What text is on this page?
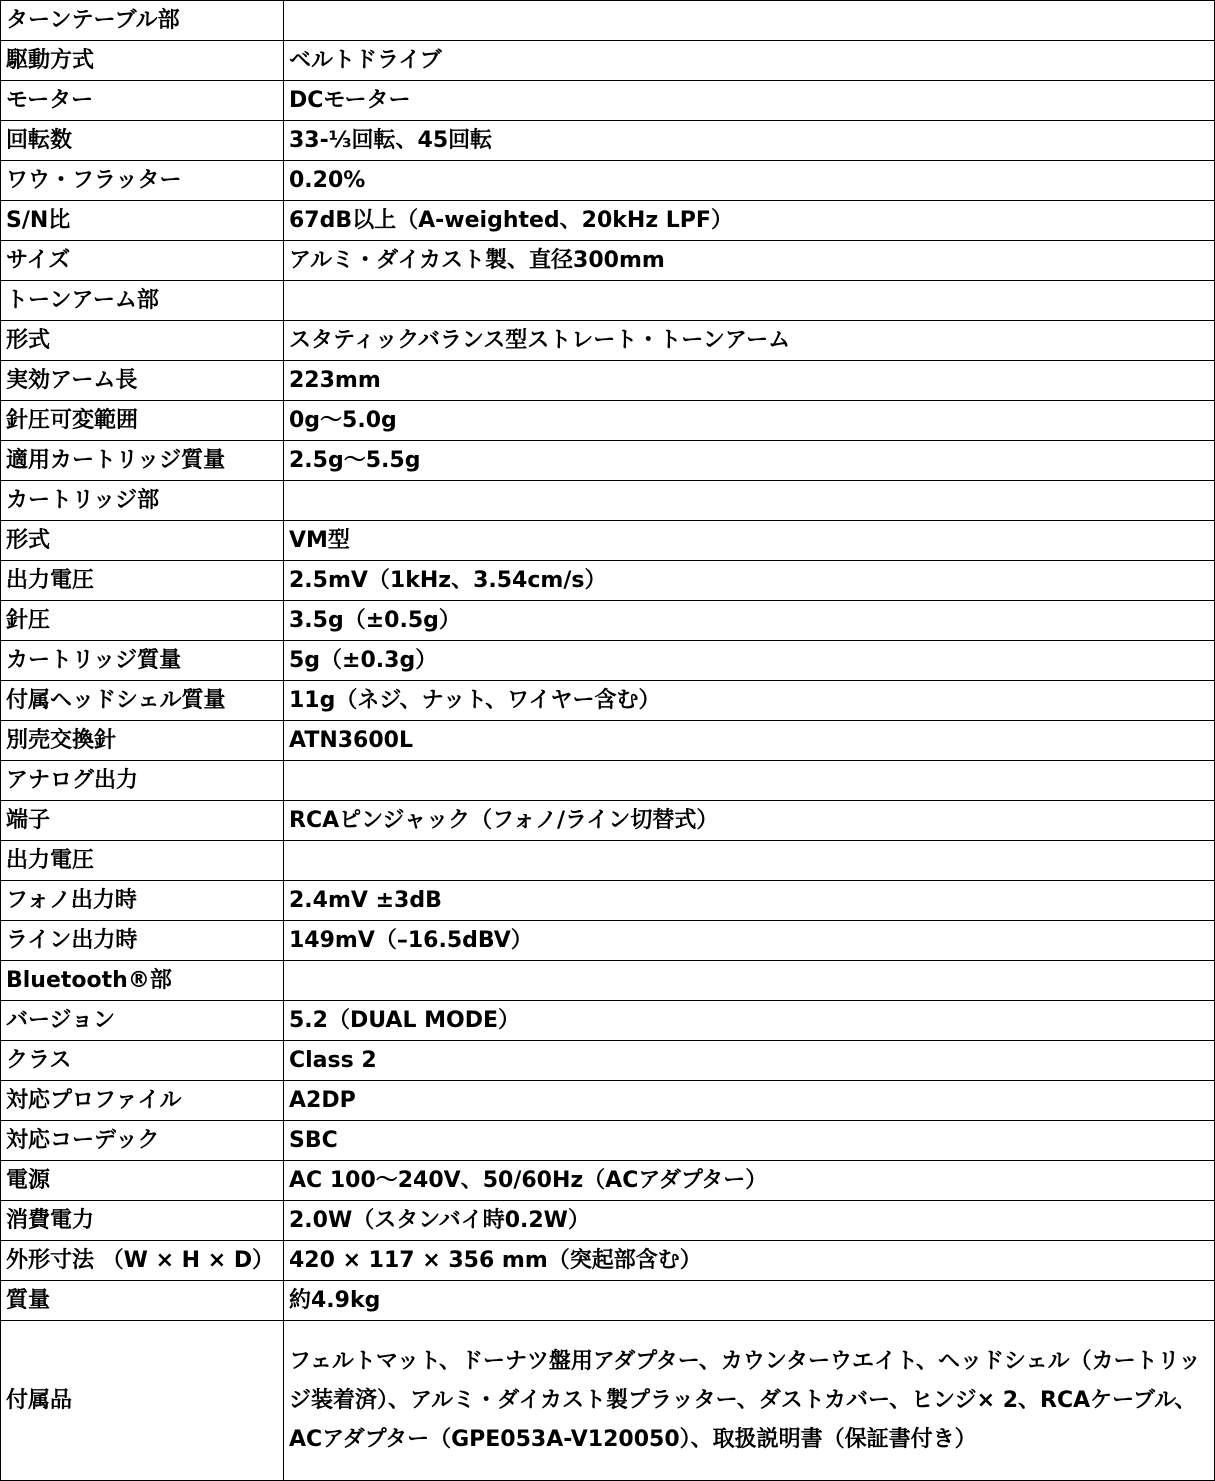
ターンテーブル部	
駆動方式	ベルトドライブ
モーター	DCモーター
回転数	33-⅓回転、45回転
ワウ・フラッター	0.20%
S/N比	67dB以上（A-weighted、20kHz LPF）
サイズ	アルミ・ダイカスト製、直径300mm
トーンアーム部	
形式	スタティックバランス型ストレート・トーンアーム
実効アーム長	223mm
針圧可変範囲	0g〜5.0g
適用カートリッジ質量	2.5g〜5.5g
カートリッジ部	
形式	VM型
出力電圧	2.5mV（1kHz、3.54cm/s）
針圧	3.5g（±0.5g）
カートリッジ質量	5g（±0.3g）
付属ヘッドシェル質量	11g（ネジ、ナット、ワイヤー含む）
別売交換針	ATN3600L
アナログ出力	
端子	RCAピンジャック（フォノ/ライン切替式）
出力電圧	
フォノ出力時	2.4mV ±3dB
ライン出力時	149mV（–16.5dBV）
Bluetooth®部	
バージョン	5.2（DUAL MODE）
クラス	Class 2
対応プロファイル	A2DP
対応コーデック	SBC
電源	AC 100〜240V、50/60Hz（ACアダプター）
消費電力	2.0W（スタンバイ時0.2W）
外形寸法 （W × H × D）	420 × 117 × 356 mm（突起部含む）
質量	約4.9kg
付属品	フェルトマット、ドーナツ盤用アダプター、カウンターウエイト、ヘッドシェル（カートリッジ装着済）、アルミ・ダイカスト製プラッター、ダストカバー、ヒンジ× 2、RCAケーブル、ACアダプター（GPE053A-V120050）、取扱説明書（保証書付き）
